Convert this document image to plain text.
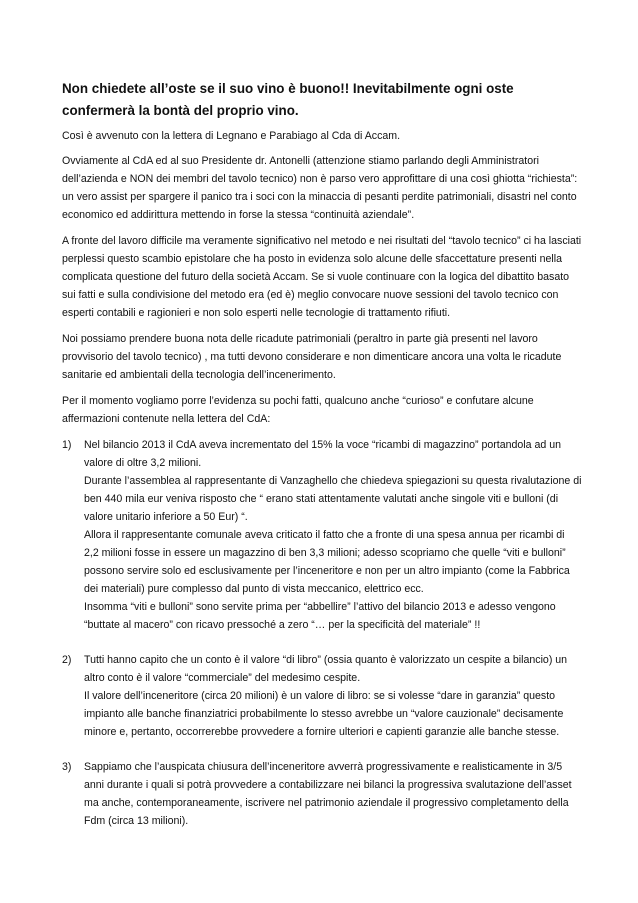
Non chiedete all’oste se il suo vino è buono!! Inevitabilmente ogni oste confermerà la bontà del proprio vino.
Così è avvenuto con la lettera di Legnano e Parabiago al Cda di Accam.

Ovviamente al CdA ed al suo Presidente dr. Antonelli (attenzione stiamo parlando degli Amministratori dell’azienda e NON dei membri del tavolo tecnico) non è parso vero approfittare di una così ghiotta “richiesta”: un vero assist per spargere il panico tra i soci con la minaccia di pesanti perdite patrimoniali, disastri nel conto economico ed addirittura mettendo in forse la stessa “continuità aziendale”.

A fronte del lavoro difficile ma veramente significativo nel metodo e nei risultati del “tavolo tecnico” ci ha lasciati perplessi questo scambio epistolare che ha posto in evidenza solo alcune delle sfaccettature presenti nella complicata questione del futuro della società Accam. Se si vuole continuare con la logica del dibattito basato sui fatti e sulla condivisione del metodo era (ed è) meglio convocare nuove sessioni del tavolo tecnico con esperti contabili e ragionieri e non solo esperti nelle tecnologie di trattamento rifiuti.

Noi possiamo prendere buona nota delle ricadute patrimoniali (peraltro in parte già presenti nel lavoro provvisorio del tavolo tecnico) , ma tutti devono considerare e non dimenticare ancora una volta le ricadute sanitarie ed ambientali della tecnologia dell’incenerimento.

Per il momento vogliamo porre l’evidenza su pochi fatti, qualcuno anche “curioso” e confutare alcune affermazioni contenute nella lettera del CdA:

1) Nel bilancio 2013 il CdA aveva incrementato del 15% la voce “ricambi di magazzino” portandola ad un valore di oltre 3,2 milioni.
Durante l’assemblea al rappresentante di Vanzaghello che chiedeva spiegazioni su questa rivalutazione di ben 440 mila eur veniva risposto che “ erano stati attentamente valutati anche singole viti e bulloni (di valore unitario inferiore a 50 Eur) “.
Allora il rappresentante comunale aveva criticato il fatto che a fronte di una spesa annua per ricambi di 2,2 milioni fosse in essere un magazzino di ben 3,3 milioni; adesso scopriamo che quelle “viti e bulloni” possono servire solo ed esclusivamente per l’inceneritore e non per un altro impianto (come la Fabbrica dei materiali) pure complesso dal punto di vista meccanico, elettrico ecc.
Insomma “viti e bulloni” sono servite prima per “abbellire” l’attivo del bilancio 2013 e adesso vengono “buttate al macero” con ricavo pressoché a zero “… per la specificità del materiale” !!
2) Tutti hanno capito che un conto è il valore “di libro” (ossia quanto è valorizzato un cespite a bilancio) un altro conto è il valore “commerciale” del medesimo cespite.
Il valore dell’inceneritore (circa 20 milioni) è un valore di libro: se si volesse “dare in garanzia” questo impianto alle banche finanziatrici probabilmente lo stesso avrebbe un “valore cauzionale” decisamente minore e, pertanto, occorrerebbe provvedere a fornire ulteriori e capienti garanzie alle banche stesse.
3) Sappiamo che l’auspicata chiusura dell’inceneritore avverrà progressivamente e realisticamente in 3/5 anni durante i quali si potrà provvedere a contabilizzare nei bilanci la progressiva svalutazione dell’asset ma anche, contemporaneamente, iscrivere nel patrimonio aziendale il progressivo completamento della Fdm (circa 13 milioni).
